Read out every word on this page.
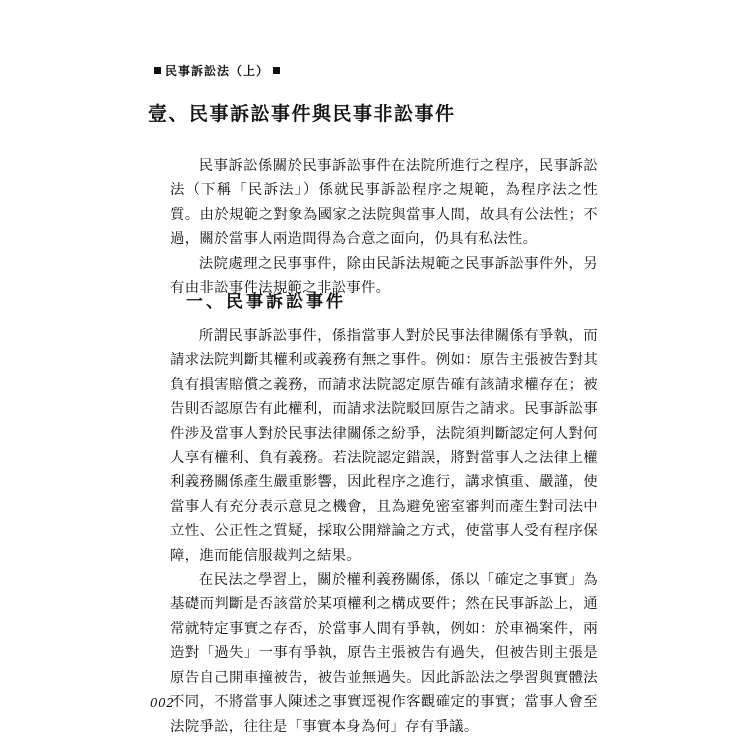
民事訴訟法（上）
壹、民事訴訟事件與民事非訟事件

民事訴訟係關於民事訴訟事件在法院所進行之程序，民事訴訟法（下稱「民訴法」）係就民事訴訟程序之規範，為程序法之性質。由於規範之對象為國家之法院與當事人間，故具有公法性；不過，關於當事人兩造間得為合意之面向，仍具有私法性。

法院處理之民事事件，除由民訴法規範之民事訴訟事件外，另有由非訟事件法規範之非訟事件。

一、民事訴訟事件

所謂民事訴訟事件，係指當事人對於民事法律關係有爭執，而請求法院判斷其權利或義務有無之事件。例如：原告主張被告對其負有損害賠償之義務，而請求法院認定原告確有該請求權存在；被告則否認原告有此權利，而請求法院駁回原告之請求。民事訴訟事件涉及當事人對於民事法律關係之紛爭，法院須判斷認定何人對何人享有權利、負有義務。若法院認定錯誤，將對當事人之法律上權利義務關係產生嚴重影響，因此程序之進行，講求慎重、嚴謹，使當事人有充分表示意見之機會，且為避免密室審判而產生對司法中立性、公正性之質疑，採取公開辯論之方式，使當事人受有程序保障，進而能信服裁判之結果。

在民法之學習上，關於權利義務關係，係以「確定之事實」為基礎而判斷是否該當於某項權利之構成要件；然在民事訴訟上，通常就特定事實之存否，於當事人間有爭執，例如：於車禍案件，兩造對「過失」一事有爭執，原告主張被告有過失，但被告則主張是原告自己開車撞被告，被告並無過失。因此訴訟法之學習與實體法不同，不將當事人陳述之事實逕視作客觀確定的事實；當事人會至法院爭訟，往往是「事實本身為何」存有爭議。

002
